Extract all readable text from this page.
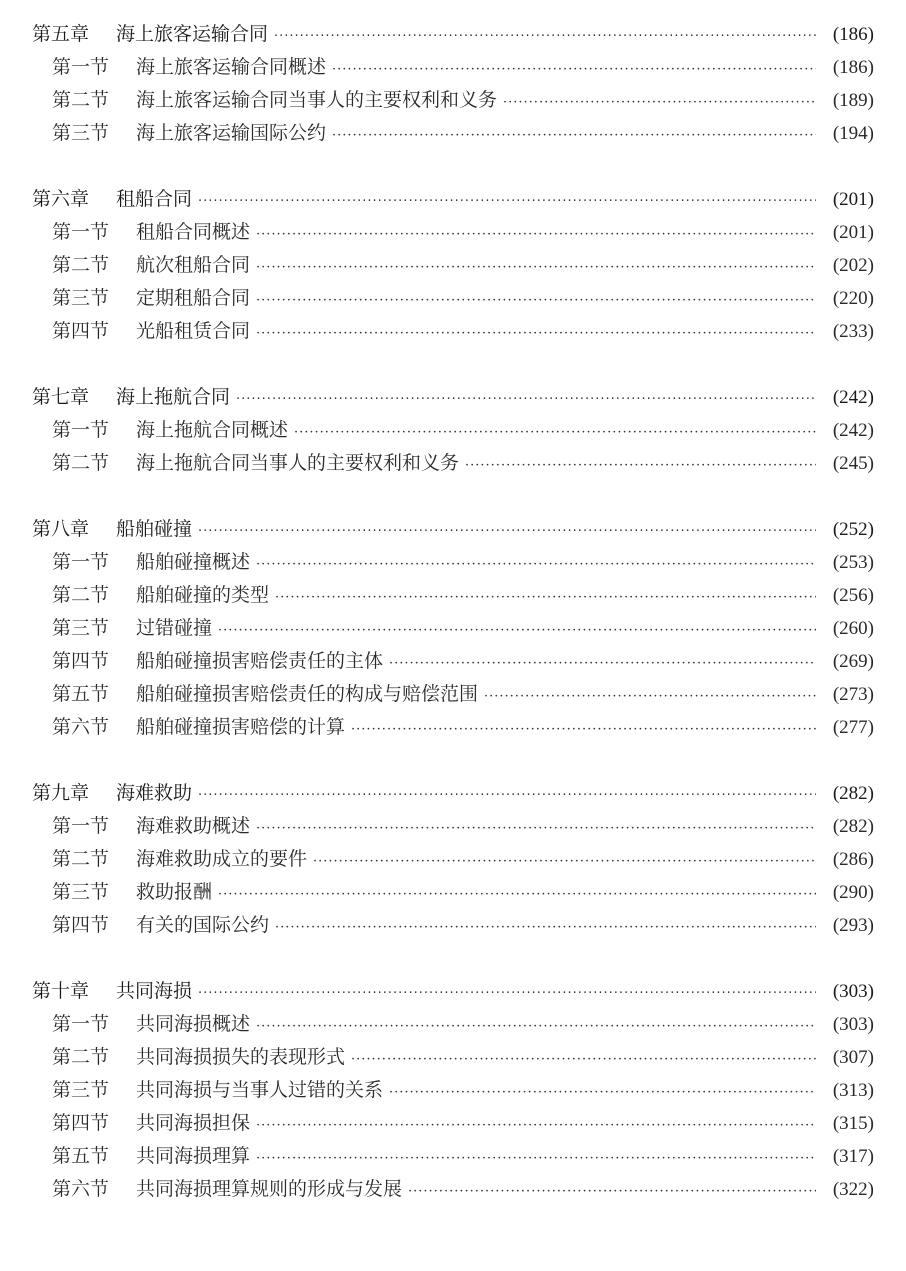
第五章	海上旅客运输合同 ·····	(186)
第一节	海上旅客运输合同概述 ·····	(186)
第二节	海上旅客运输合同当事人的主要权利和义务 ·····	(189)
第三节	海上旅客运输国际公约 ·····	(194)
第六章	租船合同 ·····	(201)
第一节	租船合同概述 ·····	(201)
第二节	航次租船合同 ·····	(202)
第三节	定期租船合同 ·····	(220)
第四节	光船租赁合同 ·····	(233)
第七章	海上拖航合同 ·····	(242)
第一节	海上拖航合同概述 ·····	(242)
第二节	海上拖航合同当事人的主要权利和义务 ·····	(245)
第八章	船舶碰撞 ·····	(252)
第一节	船舶碰撞概述 ·····	(253)
第二节	船舶碰撞的类型 ·····	(256)
第三节	过错碰撞 ·····	(260)
第四节	船舶碰撞损害赔偿责任的主体 ·····	(269)
第五节	船舶碰撞损害赔偿责任的构成与赔偿范围 ·····	(273)
第六节	船舶碰撞损害赔偿的计算 ·····	(277)
第九章	海难救助 ·····	(282)
第一节	海难救助概述 ·····	(282)
第二节	海难救助成立的要件 ·····	(286)
第三节	救助报酬 ·····	(290)
第四节	有关的国际公约 ·····	(293)
第十章	共同海损 ·····	(303)
第一节	共同海损概述 ·····	(303)
第二节	共同海损损失的表现形式 ·····	(307)
第三节	共同海损与当事人过错的关系 ·····	(313)
第四节	共同海损担保 ·····	(315)
第五节	共同海损理算 ·····	(317)
第六节	共同海损理算规则的形成与发展 ·····	(322)
